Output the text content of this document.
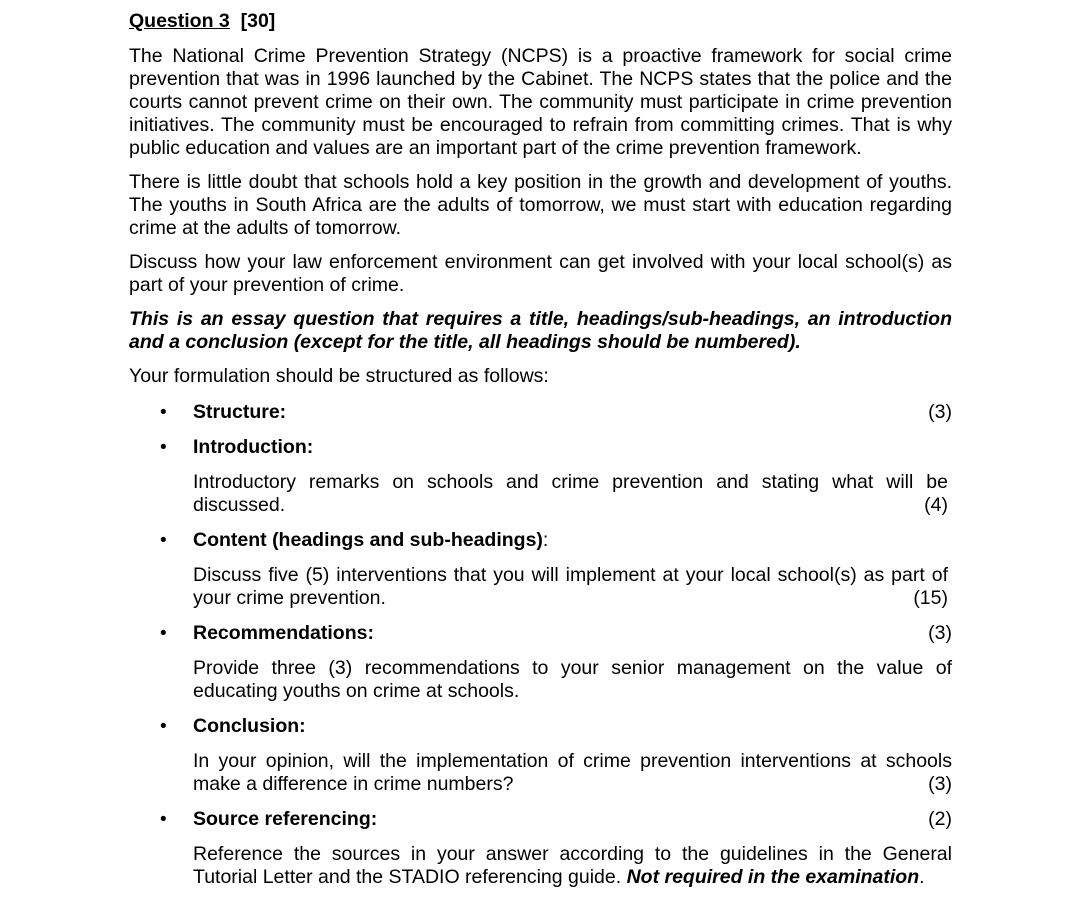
Question 3 [30]

The National Crime Prevention Strategy (NCPS) is a proactive framework for social crime prevention that was in 1996 launched by the Cabinet. The NCPS states that the police and the courts cannot prevent crime on their own. The community must participate in crime prevention initiatives. The community must be encouraged to refrain from committing crimes. That is why public education and values are an important part of the crime prevention framework.

There is little doubt that schools hold a key position in the growth and development of youths. The youths in South Africa are the adults of tomorrow, we must start with education regarding crime at the adults of tomorrow.

Discuss how your law enforcement environment can get involved with your local school(s) as part of your prevention of crime.

This is an essay question that requires a title, headings/sub-headings, an introduction and a conclusion (except for the title, all headings should be numbered).

Your formulation should be structured as follows:

• Structure:	(3)
• Introduction:
Introductory remarks on schools and crime prevention and stating what will be discussed.	(4)
• Content (headings and sub-headings):
Discuss five (5) interventions that you will implement at your local school(s) as part of your crime prevention.	(15)
• Recommendations:	(3)
Provide three (3) recommendations to your senior management on the value of educating youths on crime at schools.
• Conclusion:
In your opinion, will the implementation of crime prevention interventions at schools make a difference in crime numbers?	(3)
• Source referencing:	(2)
Reference the sources in your answer according to the guidelines in the General Tutorial Letter and the STADIO referencing guide. Not required in the examination.
